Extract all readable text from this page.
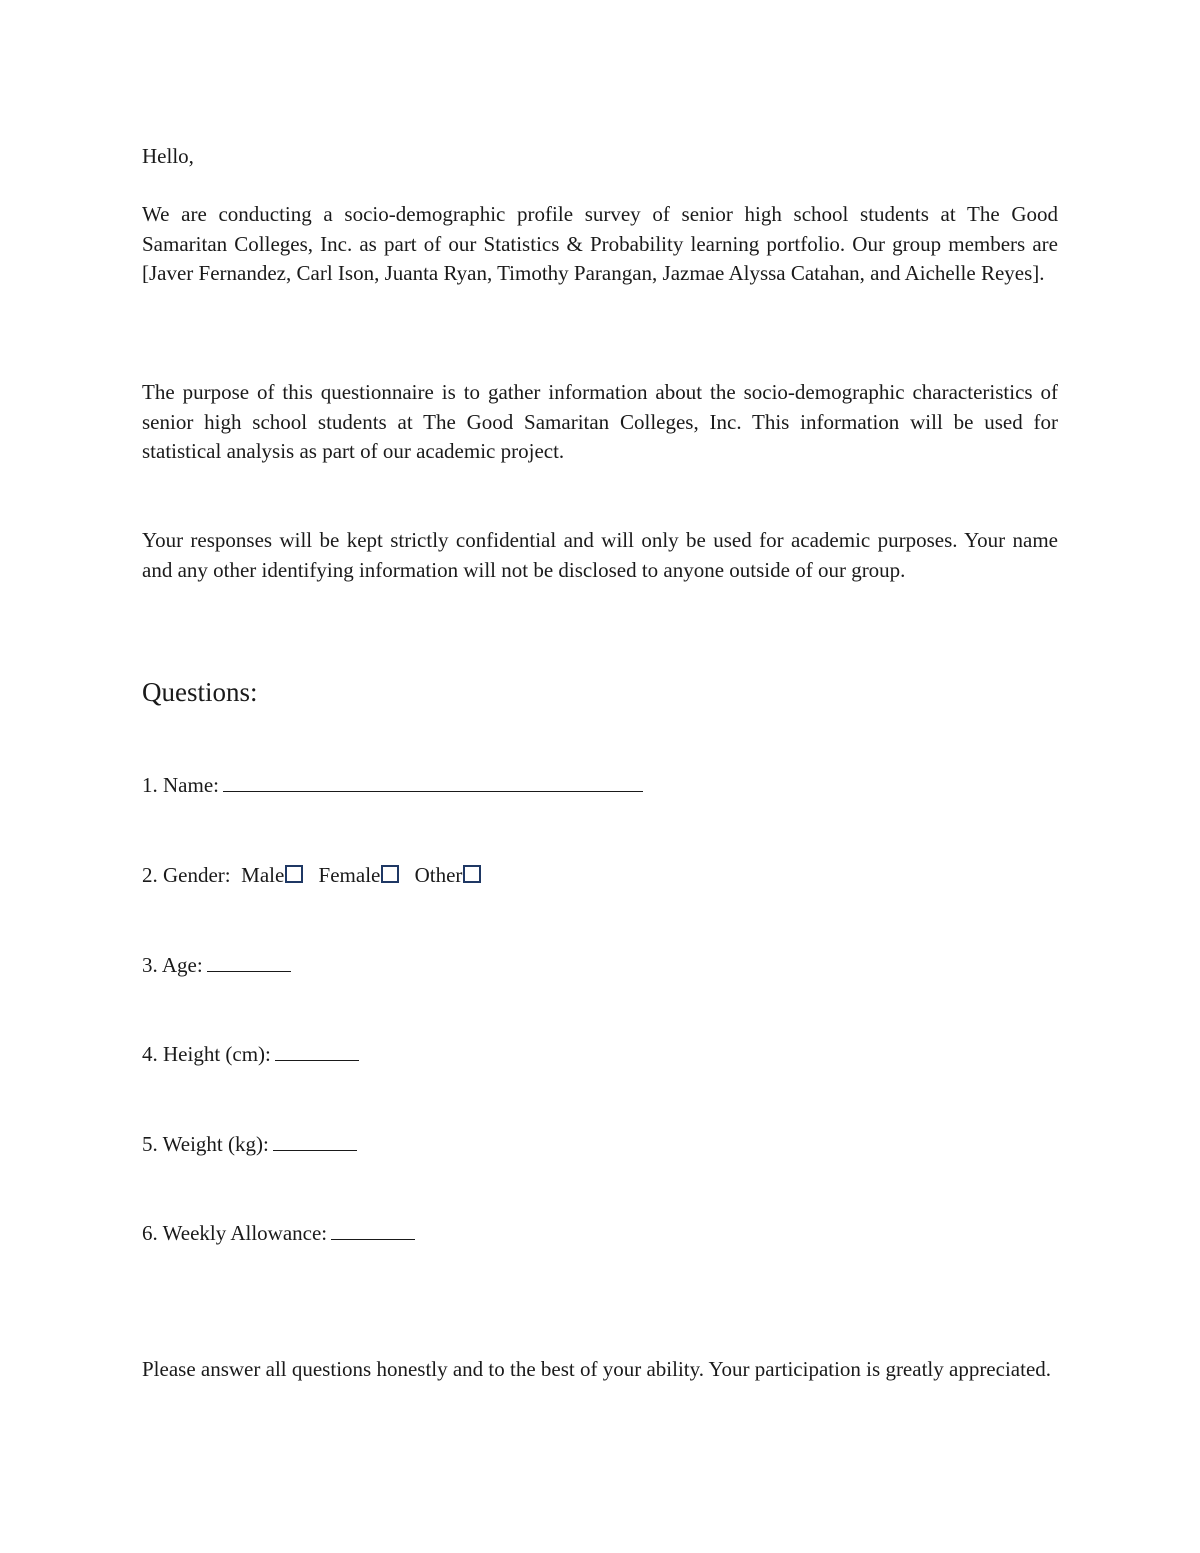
Hello,

We are conducting a socio-demographic profile survey of senior high school students at The Good Samaritan Colleges, Inc. as part of our Statistics & Probability learning portfolio. Our group members are [Javer Fernandez, Carl Ison, Juanta Ryan, Timothy Parangan, Jazmae Alyssa Catahan, and Aichelle Reyes].

The purpose of this questionnaire is to gather information about the socio-demographic characteristics of senior high school students at The Good Samaritan Colleges, Inc. This information will be used for statistical analysis as part of our academic project.

Your responses will be kept strictly confidential and will only be used for academic purposes. Your name and any other identifying information will not be disclosed to anyone outside of our group.

Questions:
1. Name:
2. Gender: Male Female Other
3. Age:
4. Height (cm):
5. Weight (kg):
6. Weekly Allowance:

Please answer all questions honestly and to the best of your ability. Your participation is greatly appreciated.
